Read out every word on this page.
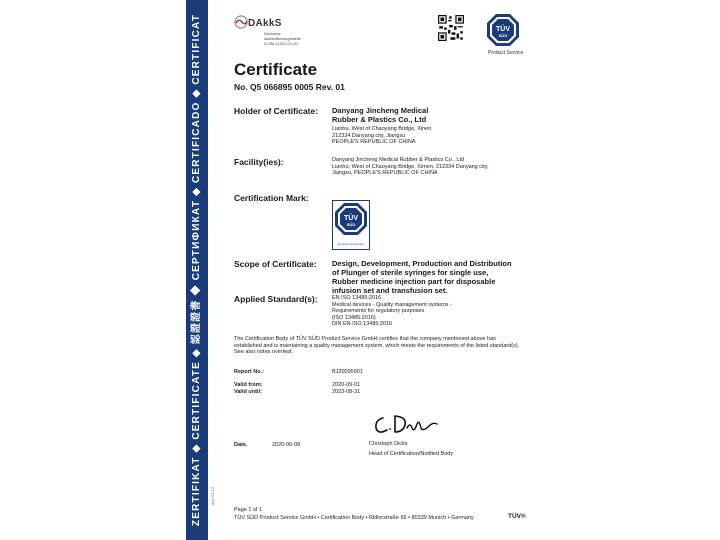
ZERTIFIKAT ◆ CERTIFICATE ◆ 認證證書 ◆ СЕРТИФИКАТ ◆ CERTIFICADO ◆ CERTIFICAT	A4 / 07.12
DAkkS
Deutsche
Akkreditierungsstelle
D-ZM-11321-01-00
TÜV
SÜD
Product Service
Certificate
No. Q5 066895 0005 Rev. 01
Holder of Certificate: Danyang Jincheng Medical
Rubber & Plastics Co., Ltd
Lianhu, West of Chaoyang Bridge, Xinen
212334 Danyang city, Jiangsu
PEOPLE'S REPUBLIC OF CHINA
Facility(ies):	Danyang Jincheng Medical Rubber & Plastics Co., Ltd
Lianhu, West of Chaoyang Bridge, Ximen, 212334 Danyang city,
Jiangsu, PEOPLE'S REPUBLIC OF CHINA
Certification Mark:
TÜV
SÜD
tuv-sud.com/ps-cert
Scope of Certificate: Design, Development, Production and Distribution
of Plunger of sterile syringes for single use,
Rubber medicine injection part for disposable
infusion set and transfusion set.
Applied Standard(s):	EN ISO 13485:2016
Medical devices - Quality management systems -
Requirements for regulatory purposes
(ISO 13485:2016)
DIN EN ISO 13485:2016
The Certification Body of TÜV SÜD Product Service GmbH certifies that the company mentioned above has established and is maintaining a quality management system, which meets the requirements of the listed standard(s). See also notes overleaf.
Report No.:	BJ20095901
Valid from:	2020-09-01
Valid until:	2023-08-31
Date,	2020-06-08	Christoph Dicks
Head of Certification/Notified Body
Page 1 of 1
TÜV SÜD Product Service GmbH • Certification Body • Ridlerstraße 65 • 80339 Munich • Germany	TÜV®
